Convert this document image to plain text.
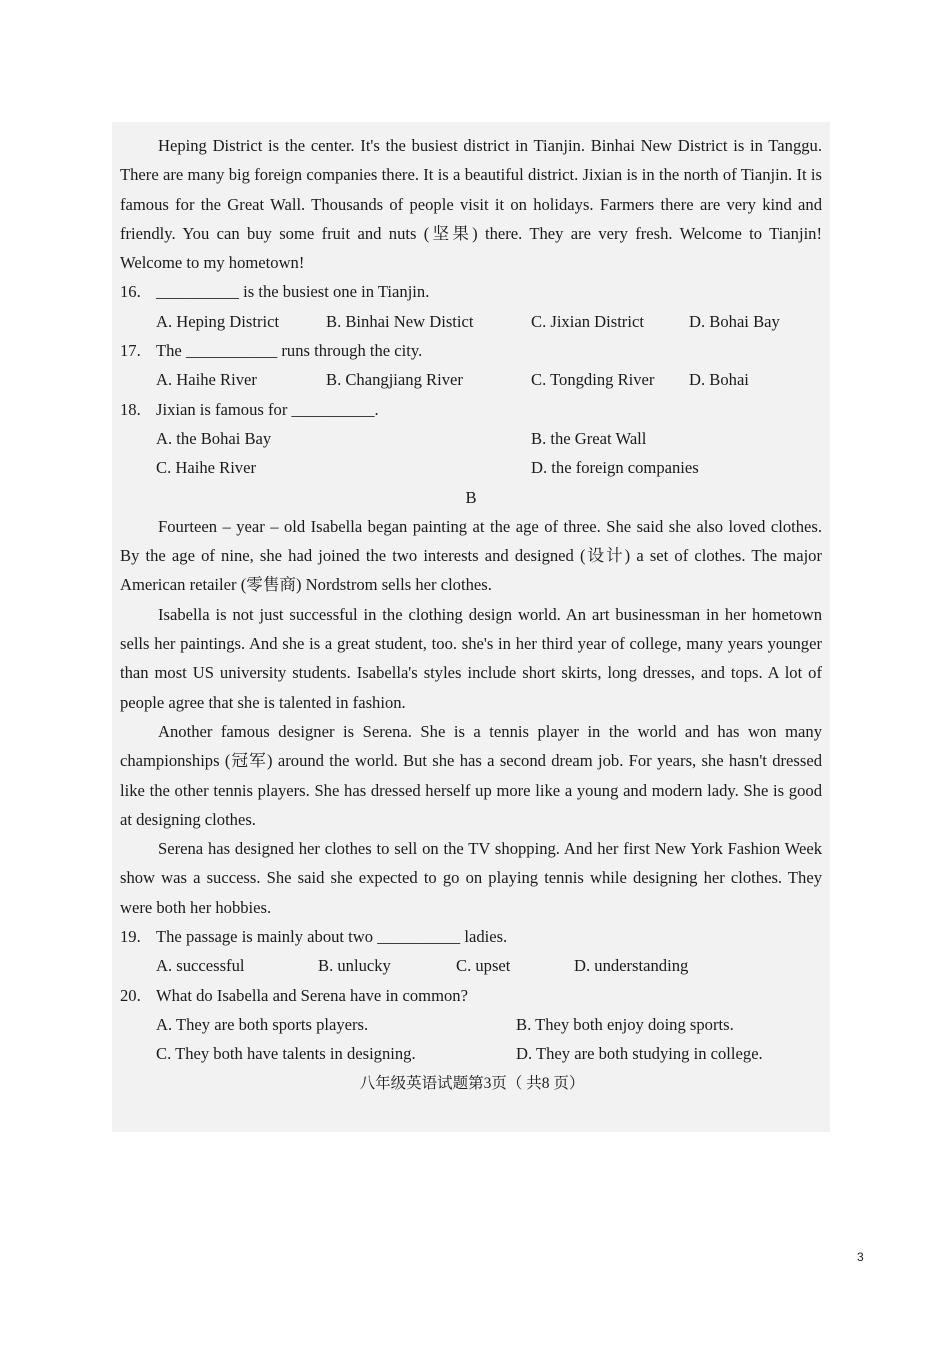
Heping District is the center. It's the busiest district in Tianjin. Binhai New District is in Tanggu. There are many big foreign companies there. It is a beautiful district. Jixian is in the north of Tianjin. It is famous for the Great Wall. Thousands of people visit it on holidays. Farmers there are very kind and friendly. You can buy some fruit and nuts (坚果) there. They are very fresh. Welcome to Tianjin! Welcome to my hometown!

16. __________ is the busiest one in Tianjin.

A. Heping District	B. Binhai New Distict	C. Jixian District	D. Bohai Bay

17. The ___________ runs through the city.

A. Haihe River	B. Changjiang River	C. Tongding River D. Bohai

18. Jixian is famous for __________.

A. the Bohai Bay	B. the Great Wall

C. Haihe River	D. the foreign companies

B

Fourteen – year – old Isabella began painting at the age of three. She said she also loved clothes. By the age of nine, she had joined the two interests and designed (设计) a set of clothes. The major American retailer (零售商) Nordstrom sells her clothes.

Isabella is not just successful in the clothing design world. An art businessman in her hometown sells her paintings. And she is a great student, too. she's in her third year of college, many years younger than most US university students. Isabella's styles include short skirts, long dresses, and tops. A lot of people agree that she is talented in fashion.

Another famous designer is Serena. She is a tennis player in the world and has won many championships (冠军) around the world. But she has a second dream job. For years, she hasn't dressed like the other tennis players. She has dressed herself up more like a young and modern lady. She is good at designing clothes.

Serena has designed her clothes to sell on the TV shopping. And her first New York Fashion Week show was a success. She said she expected to go on playing tennis while designing her clothes. They were both her hobbies.

19. The passage is mainly about two __________ ladies.

A. successful	B. unlucky	C. upset	D. understanding

20. What do Isabella and Serena have in common?

A. They are both sports players.	B. They both enjoy doing sports.

C. They both have talents in designing.	D. They are both studying in college.

八年级英语试题第3页（ 共8 页）

3
